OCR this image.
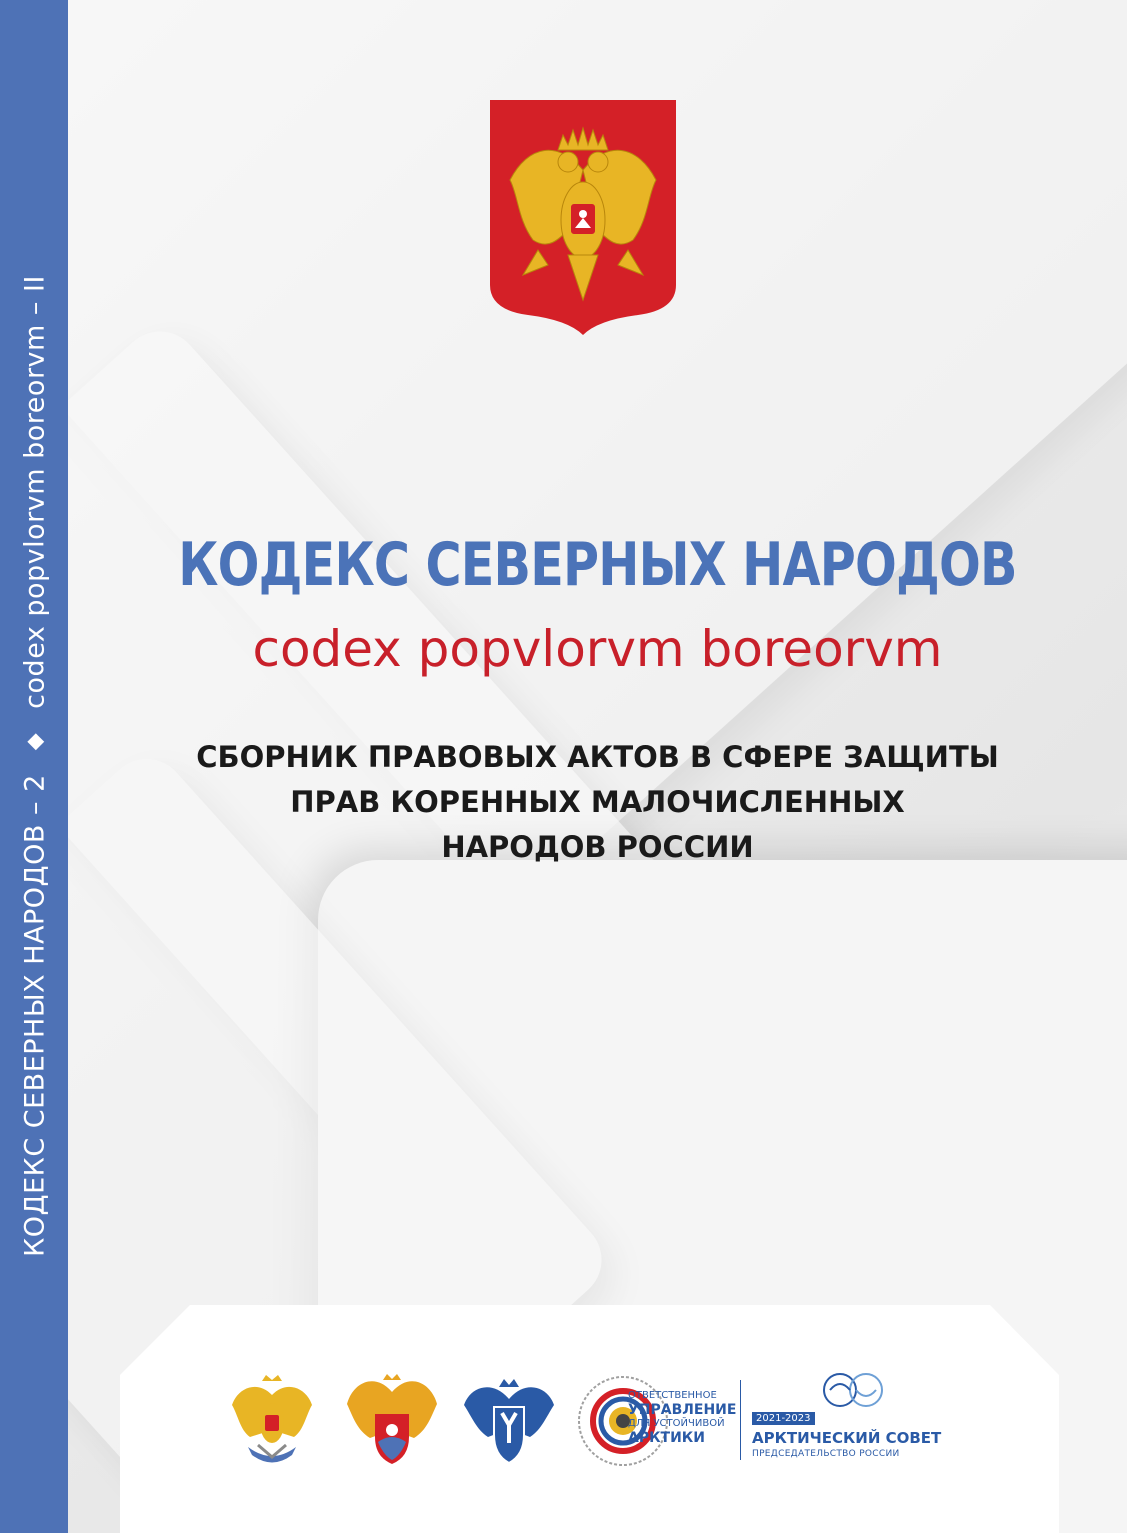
КОДЕКС СЕВЕРНЫХ НАРОДОВ – 2
◆
codex popvlorvm boreorvm – II КОДЕКС СЕВЕРНЫХ НАРОДОВ
codex popvlorvm boreorvm
СБОРНИК ПРАВОВЫХ АКТОВ В СФЕРЕ ЗАЩИТЫ
ПРАВ КОРЕННЫХ МАЛОЧИСЛЕННЫХ
НАРОДОВ РОССИИ
ОТВЕТСТВЕННОЕ
УПРАВЛЕНИЕ
ДЛЯ УСТОЙЧИВОЙ
АРКТИКИ
2021-2023
АРКТИЧЕСКИЙ СОВЕТ
ПРЕДСЕДАТЕЛЬСТВО РОССИИ
